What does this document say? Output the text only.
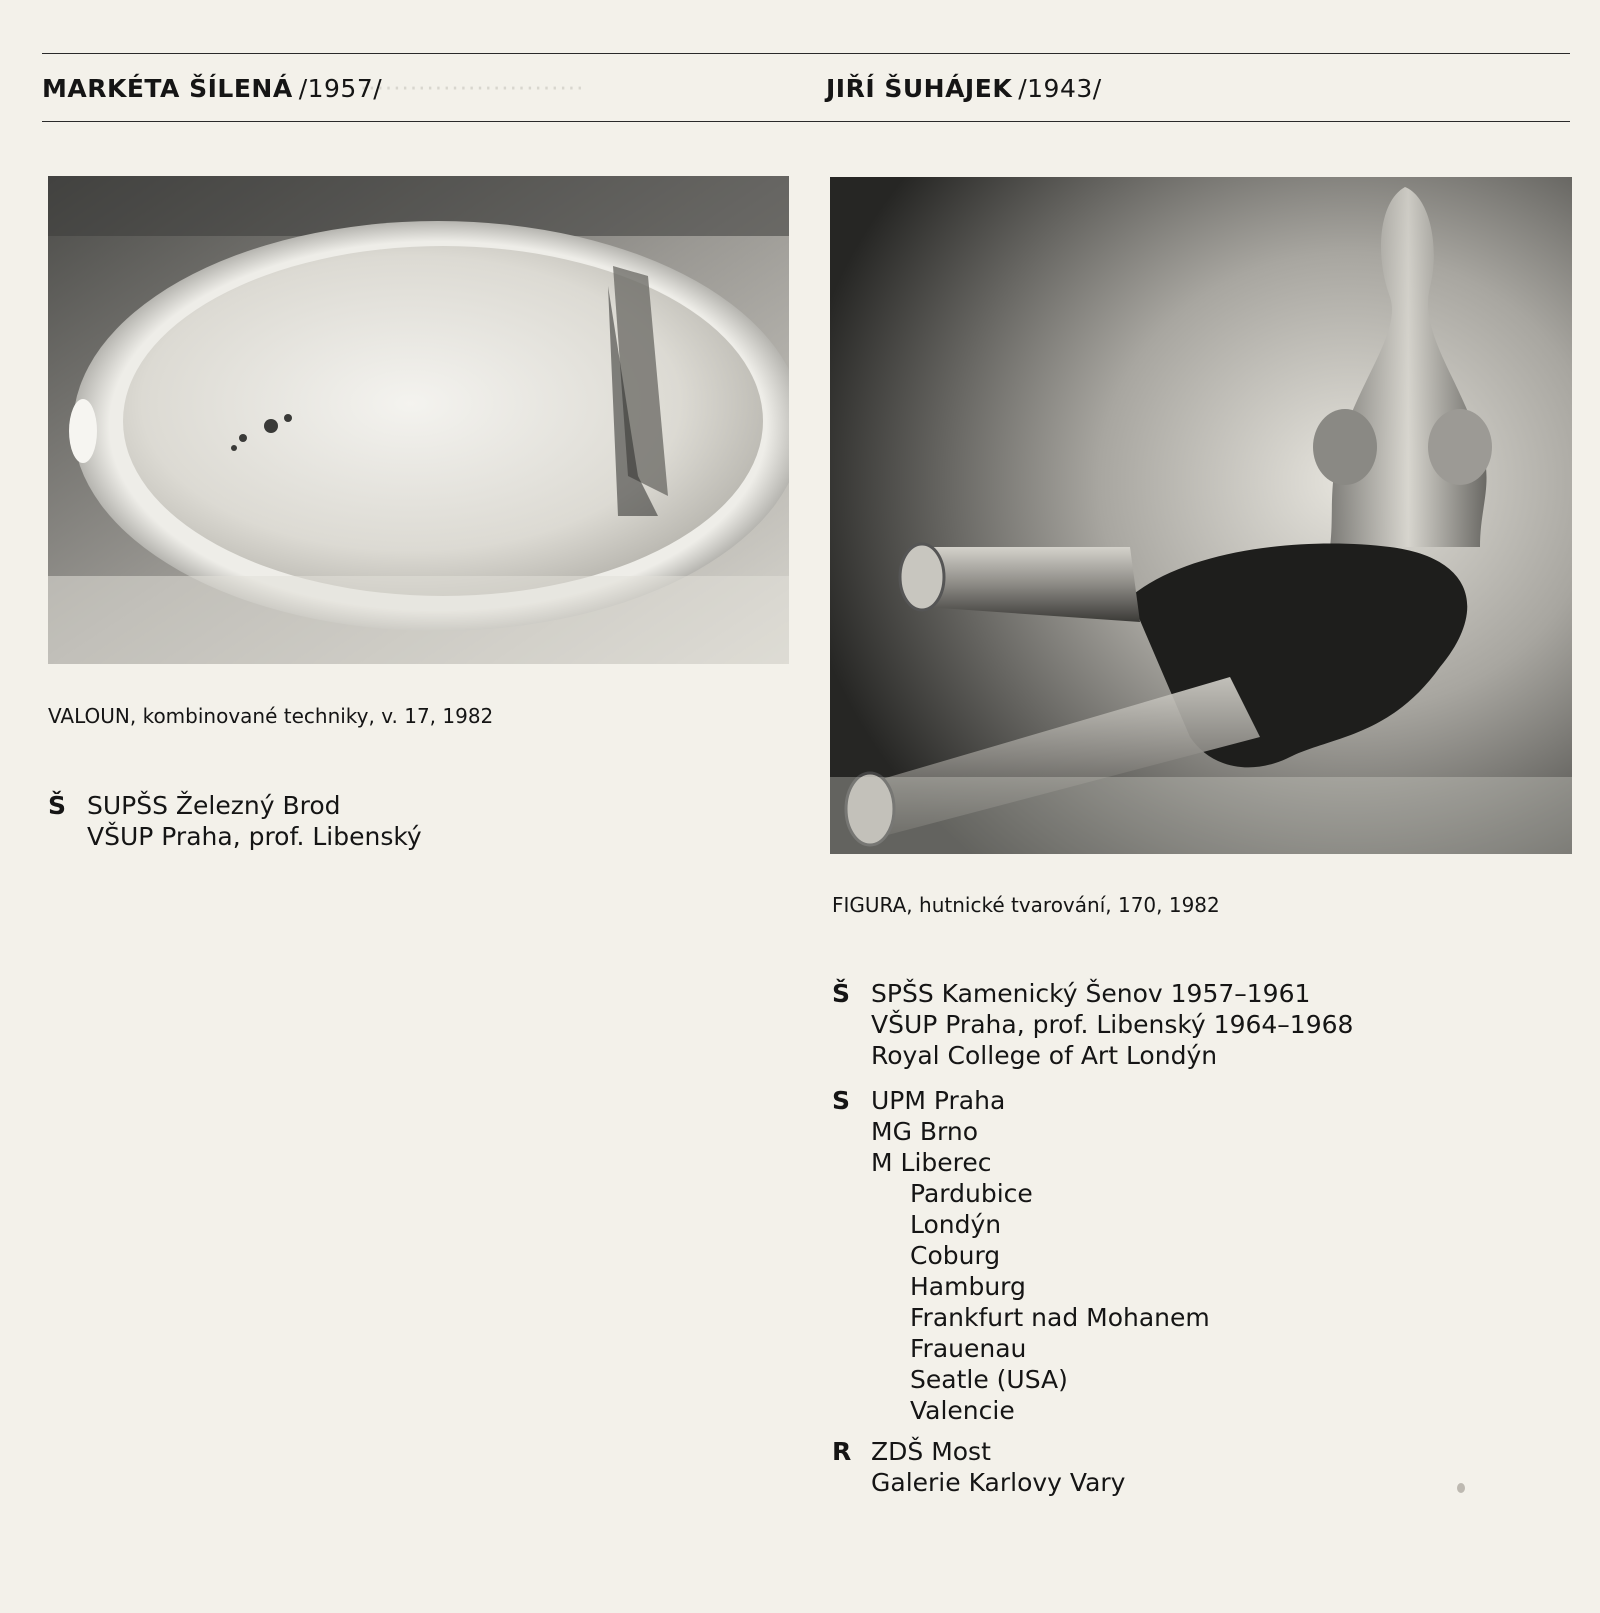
···························
MARKÉTA ŠÍLENÁ /1957/	JIŘÍ ŠUHÁJEK /1943/
VALOUN, kombinované techniky, v. 17, 1982
Š SUPŠS Železný Brod
VŠUP Praha, prof. Libenský
FIGURA, hutnické tvarování, 170, 1982
Š SPŠS Kamenický Šenov 1957–1961
VŠUP Praha, prof. Libenský 1964–1968
Royal College of Art Londýn
S UPM Praha
MG Brno
M Liberec
Pardubice
Londýn
Coburg
Hamburg
Frankfurt nad Mohanem
Frauenau
Seatle (USA)
Valencie
R ZDŠ Most
Galerie Karlovy Vary
